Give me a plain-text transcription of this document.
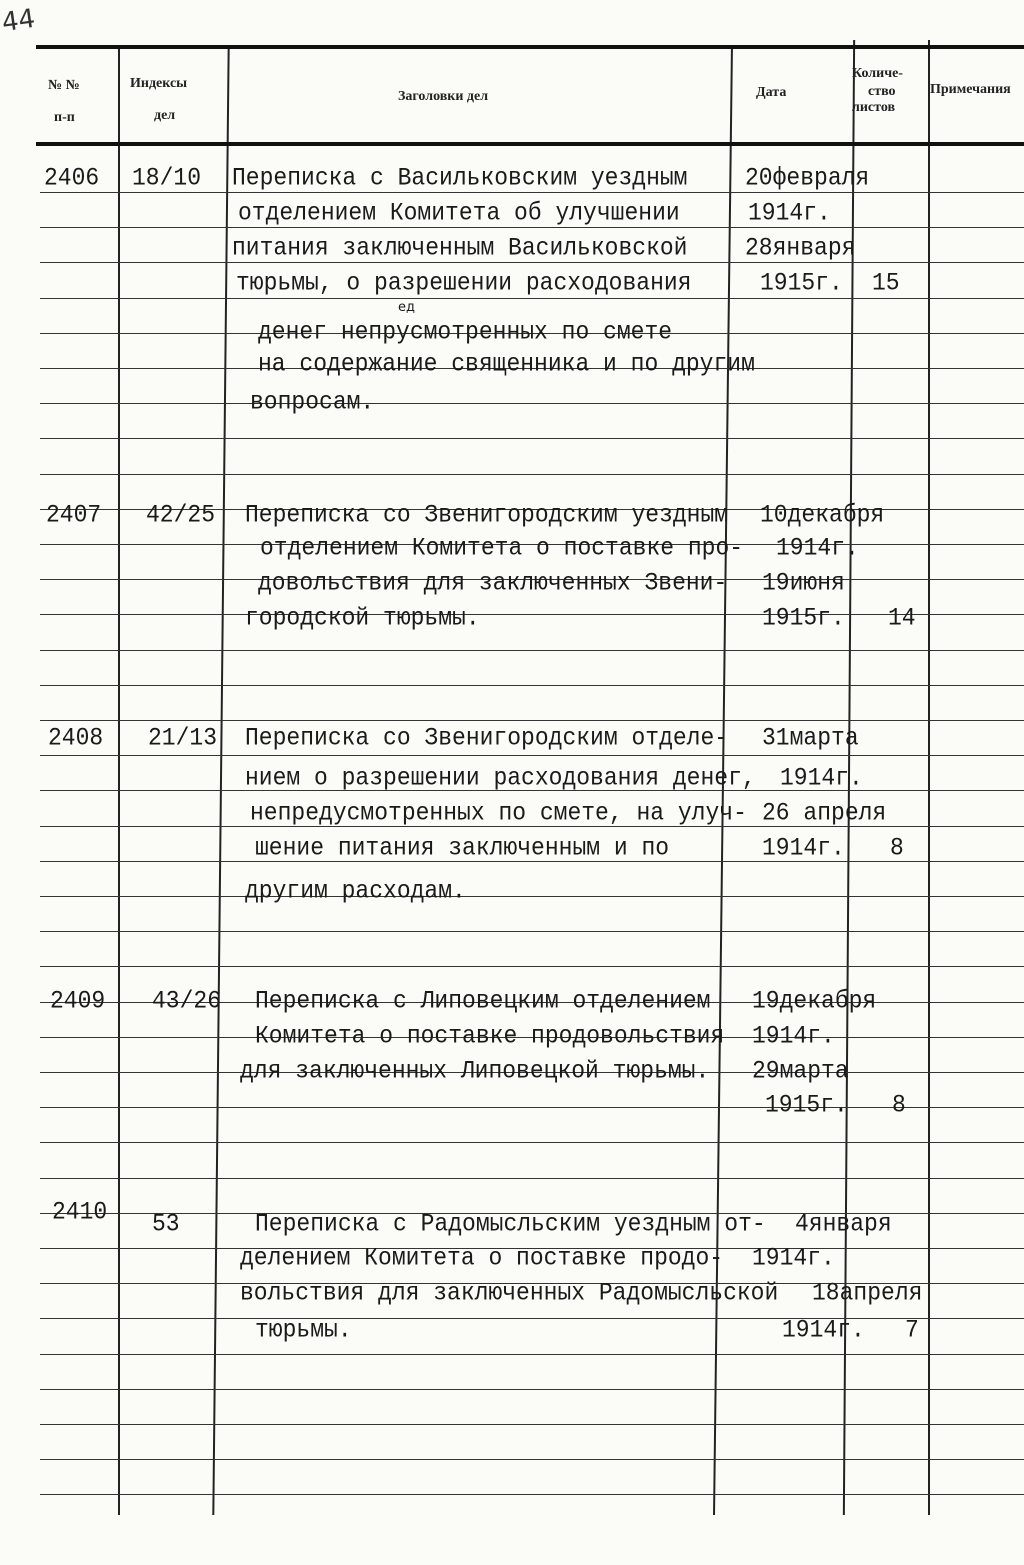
44
№ №
п-п
Индексы
дел
Заголовки дел	Дата
Количе-
ство
листов
Примечания
2406 18/10 Переписка с Васильковским уездным
отделением Комитета об улучшении
питания заключенным Васильковской
тюрьмы, о разрешении расходования
ед
денег непрусмотренных по смете
на содержание священника и по другим
вопросам.
20февраля
1914г.
28января
1915г. 15
2407 42/25 Переписка со Звенигородским уездным
отделением Комитета о поставке про-
довольствия для заключенных Звени-
городской тюрьмы.
10декабря
1914г.
19июня
1915г. 14
2408 21/13 Переписка со Звенигородским отделе-
нием о разрешении расходования денег,
непредусмотренных по смете, на улуч-
шение питания заключенным и по
другим расходам.
31марта
1914г.
26 апреля
1914г. 8
2409 43/26 Переписка с Липовецким отделением
Комитета о поставке продовольствия
для заключенных Липовецкой тюрьмы.
19декабря
1914г.
29марта
1915г. 8
2410 53	Переписка с Радомысльским уездным от-
делением Комитета о поставке продо-
вольствия для заключенных Радомысльской
тюрьмы.
4января
1914г.
18апреля
1914г. 7
